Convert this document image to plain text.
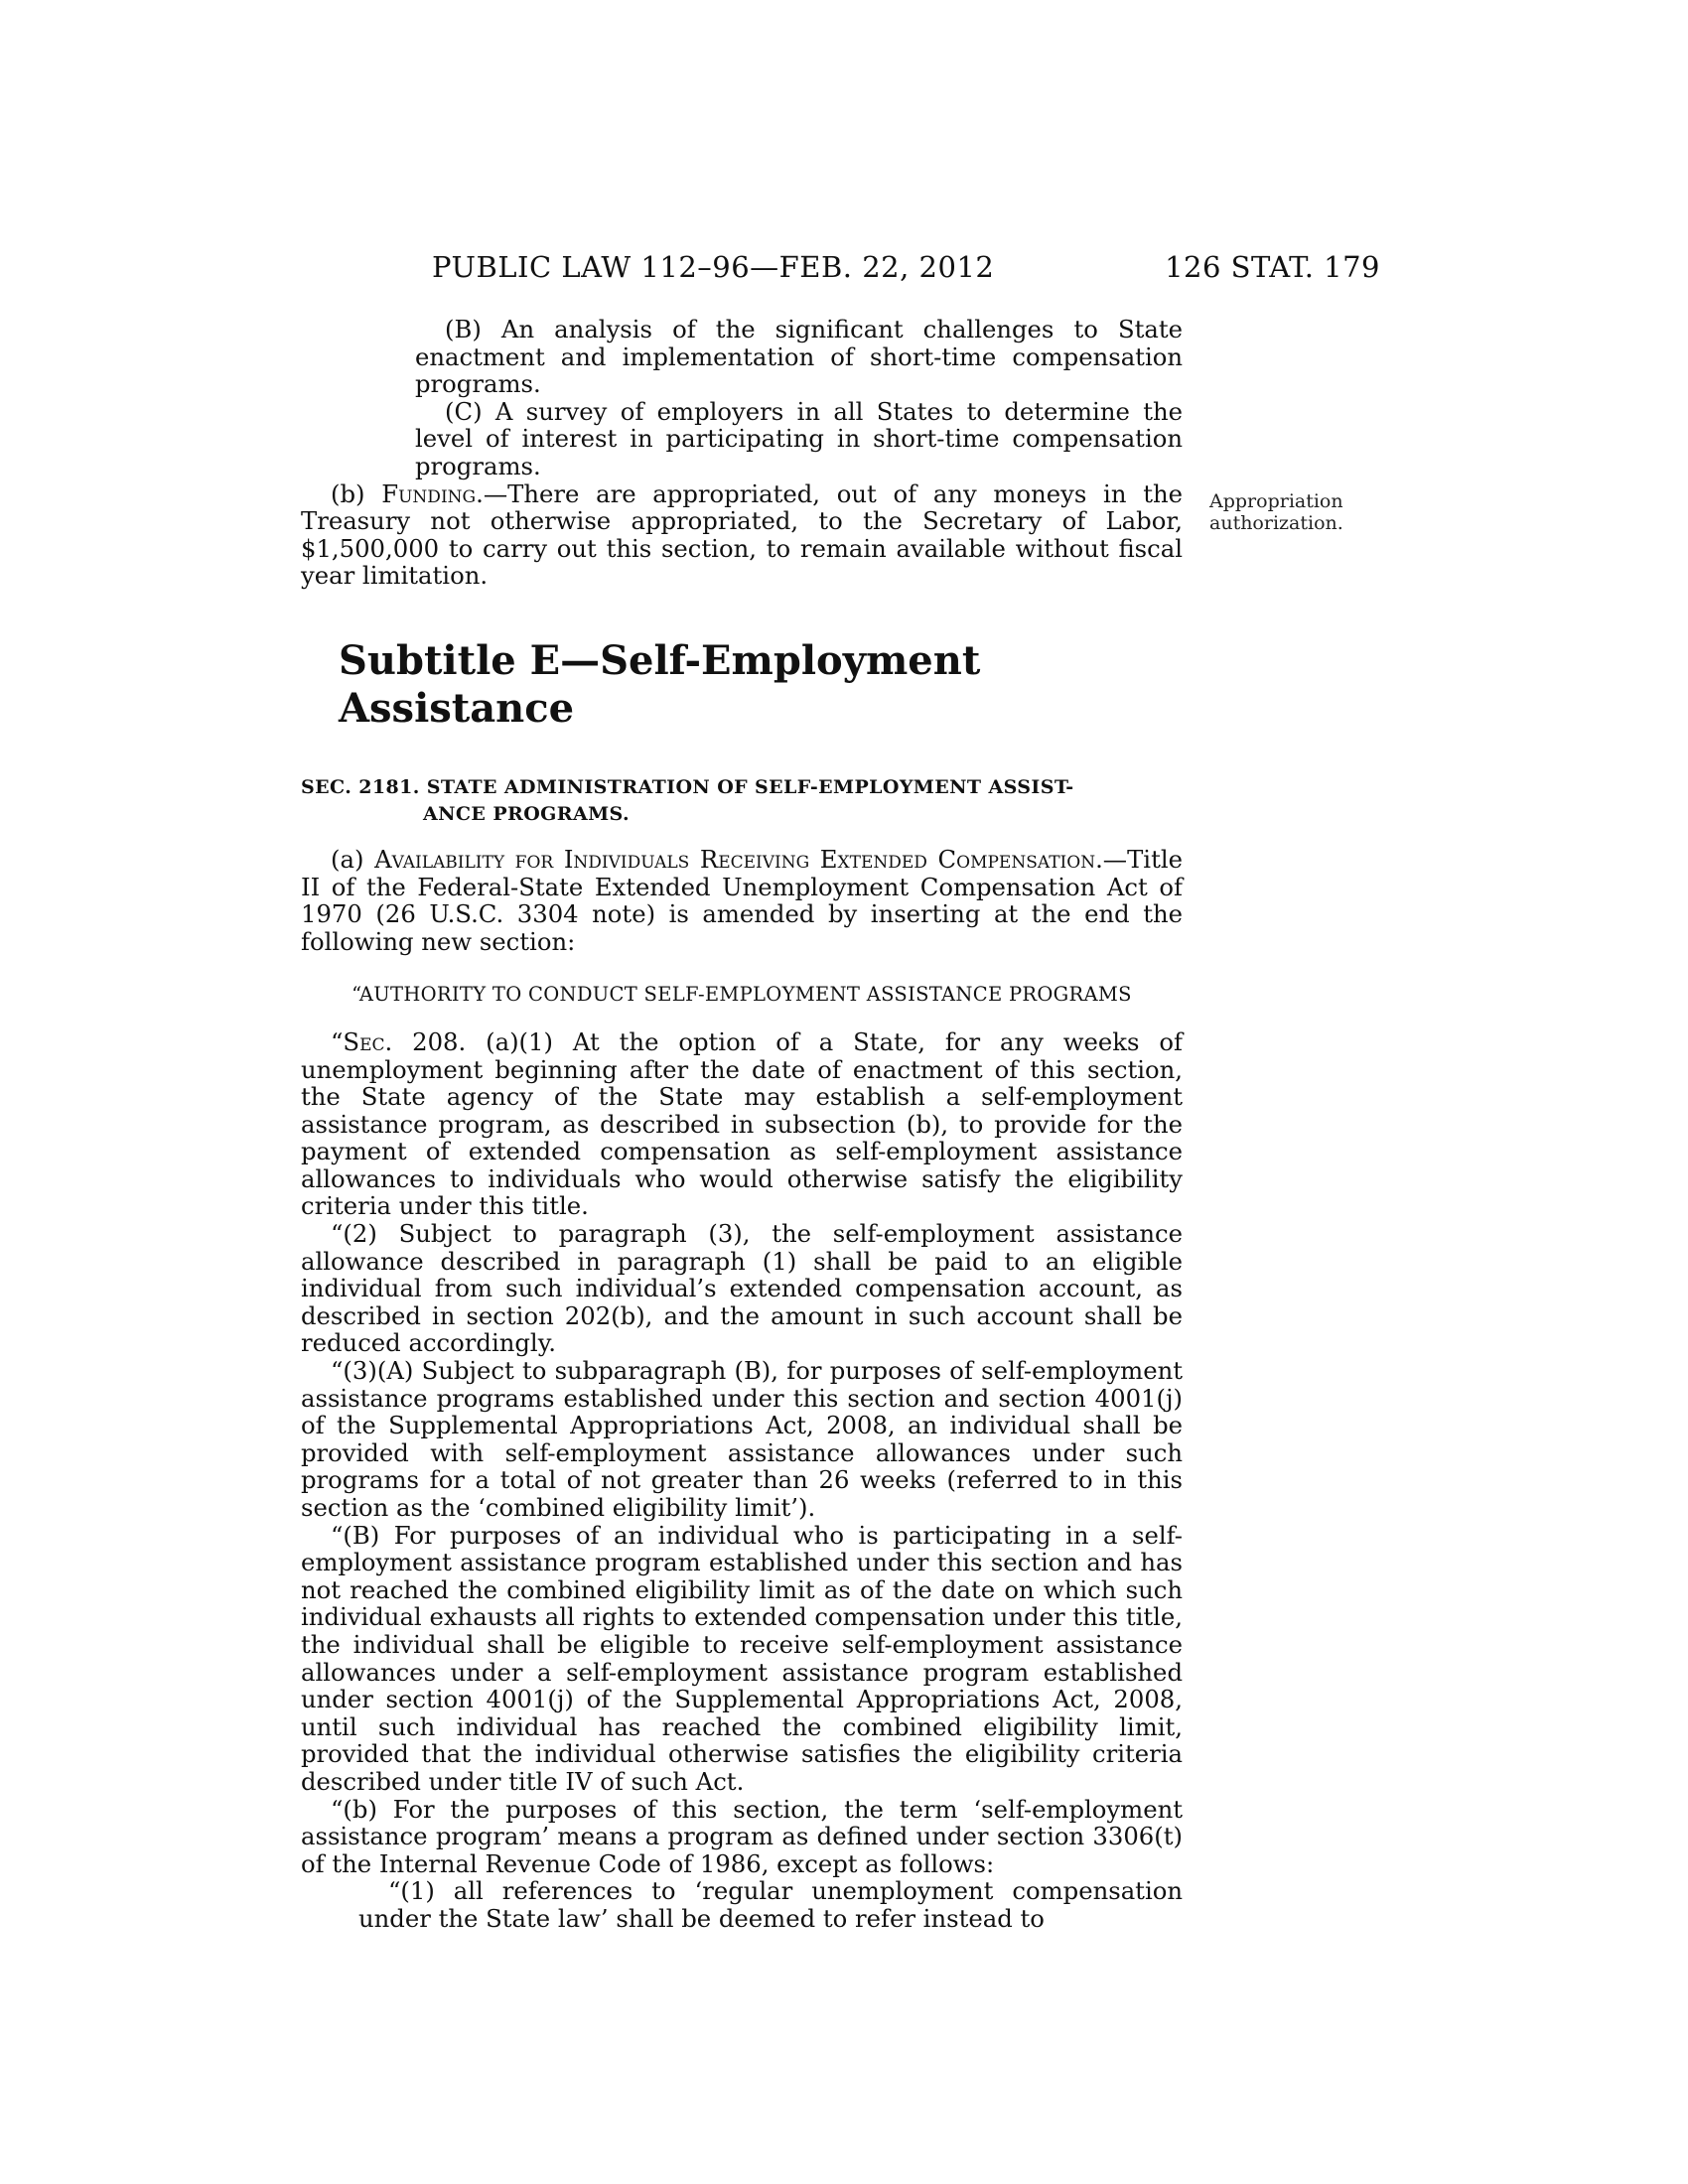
PUBLIC LAW 112–96—FEB. 22, 2012	126 STAT. 179
Appropriation
authorization.

(B) An analysis of the significant challenges to State enactment and implementation of short-time compensation programs.

(C) A survey of employers in all States to determine the level of interest in participating in short-time compensation programs.

(b) Funding.—There are appropriated, out of any moneys in the Treasury not otherwise appropriated, to the Secretary of Labor, $1,500,000 to carry out this section, to remain available without fiscal year limitation.

Subtitle E—Self-Employment Assistance
SEC. 2181. STATE ADMINISTRATION OF SELF-EMPLOYMENT ASSIST-
ANCE PROGRAMS.

(a) Availability for Individuals Receiving Extended Compensation.—Title II of the Federal-State Extended Unemployment Compensation Act of 1970 (26 U.S.C. 3304 note) is amended by inserting at the end the following new section:

“AUTHORITY TO CONDUCT SELF-EMPLOYMENT ASSISTANCE PROGRAMS

“Sec. 208. (a)(1) At the option of a State, for any weeks of unemployment beginning after the date of enactment of this section, the State agency of the State may establish a self-employment assistance program, as described in subsection (b), to provide for the payment of extended compensation as self-employment assistance allowances to individuals who would otherwise satisfy the eligibility criteria under this title.

“(2) Subject to paragraph (3), the self-employment assistance allowance described in paragraph (1) shall be paid to an eligible individual from such individual’s extended compensation account, as described in section 202(b), and the amount in such account shall be reduced accordingly.

“(3)(A) Subject to subparagraph (B), for purposes of self-employment assistance programs established under this section and section 4001(j) of the Supplemental Appropriations Act, 2008, an individual shall be provided with self-employment assistance allowances under such programs for a total of not greater than 26 weeks (referred to in this section as the ‘combined eligibility limit’).

“(B) For purposes of an individual who is participating in a self-employment assistance program established under this section and has not reached the combined eligibility limit as of the date on which such individual exhausts all rights to extended compensation under this title, the individual shall be eligible to receive self-employment assistance allowances under a self-employment assistance program established under section 4001(j) of the Supplemental Appropriations Act, 2008, until such individual has reached the combined eligibility limit, provided that the individual otherwise satisfies the eligibility criteria described under title IV of such Act.

“(b) For the purposes of this section, the term ‘self-employment assistance program’ means a program as defined under section 3306(t) of the Internal Revenue Code of 1986, except as follows:

“(1) all references to ‘regular unemployment compensation under the State law’ shall be deemed to refer instead to
